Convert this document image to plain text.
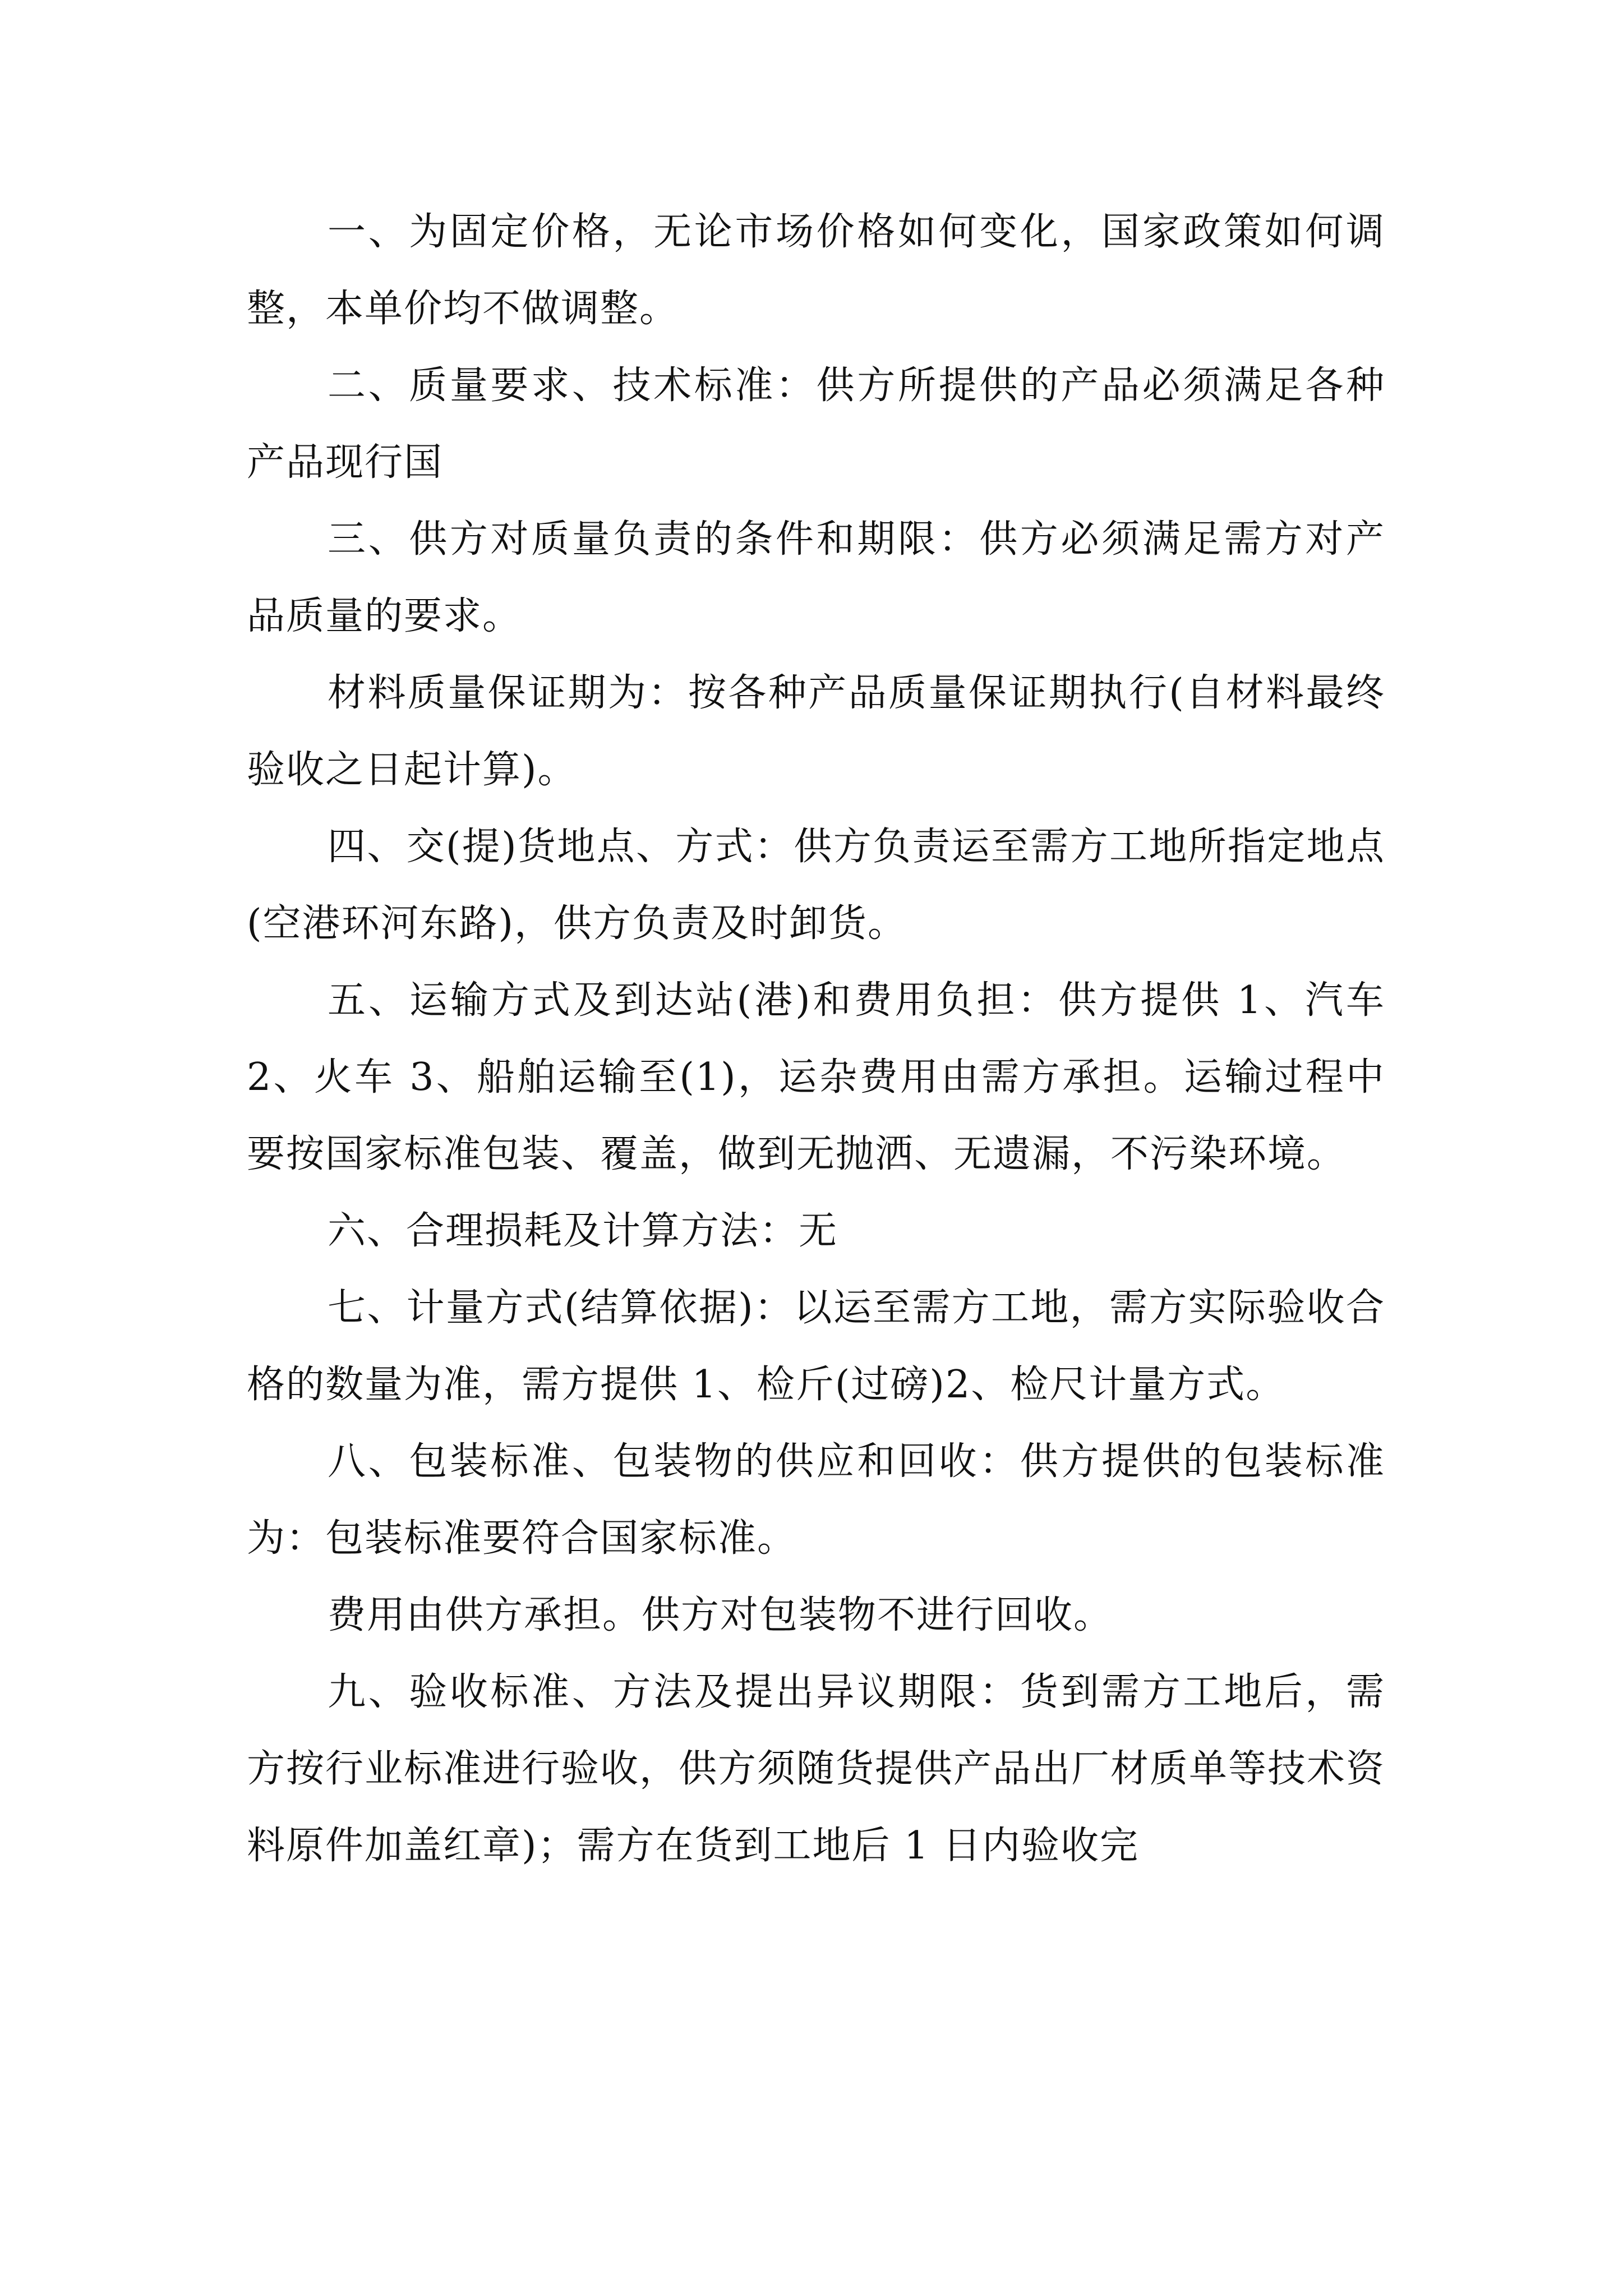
一、为固定价格，无论市场价格如何变化，国家政策如何调整，本单价均不做调整。

二、质量要求、技术标准：供方所提供的产品必须满足各种产品现行国

三、供方对质量负责的条件和期限：供方必须满足需方对产品质量的要求。

材料质量保证期为：按各种产品质量保证期执行(自材料最终验收之日起计算)。

四、交(提)货地点、方式：供方负责运至需方工地所指定地点(空港环河东路)，供方负责及时卸货。

五、运输方式及到达站(港)和费用负担：供方提供 1、汽车 2、火车 3、船舶运输至(1)，运杂费用由需方承担。运输过程中要按国家标准包装、覆盖，做到无抛洒、无遗漏，不污染环境。

六、合理损耗及计算方法：无

七、计量方式(结算依据)：以运至需方工地，需方实际验收合格的数量为准，需方提供 1、检斤(过磅)2、检尺计量方式。

八、包装标准、包装物的供应和回收：供方提供的包装标准为：包装标准要符合国家标准。

费用由供方承担。供方对包装物不进行回收。

九、验收标准、方法及提出异议期限：货到需方工地后，需方按行业标准进行验收，供方须随货提供产品出厂材质单等技术资料原件加盖红章)；需方在货到工地后 1 日内验收完
